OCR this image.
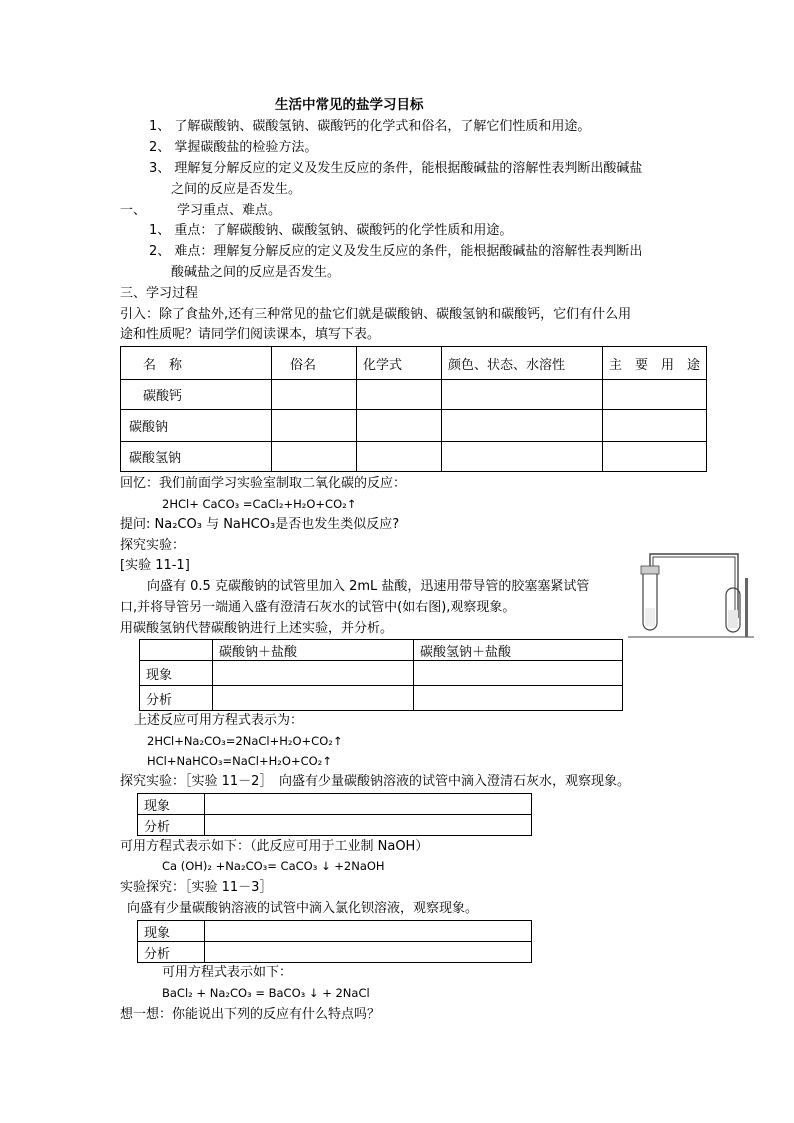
生活中常见的盐学习目标
1、 了解碳酸钠、碳酸氢钠、碳酸钙的化学式和俗名，了解它们性质和用途。
2、 掌握碳酸盐的检验方法。
3、 理解复分解反应的定义及发生反应的条件，能根据酸碱盐的溶解性表判断出酸碱盐
之间的反应是否发生。
一、 学习重点、难点。
1、 重点：了解碳酸钠、碳酸氢钠、碳酸钙的化学性质和用途。
2、 难点：理解复分解反应的定义及发生反应的条件，能根据酸碱盐的溶解性表判断出
酸碱盐之间的反应是否发生。
三、学习过程
引入：除了食盐外,还有三种常见的盐它们就是碳酸钠、碳酸氢钠和碳酸钙，它们有什么用
途和性质呢？请同学们阅读课本，填写下表。
名　称	俗名	化学式	颜色、状态、水溶性	主　要　用　途
碳酸钙				
碳酸钠				
碳酸氢钠				
回忆：我们前面学习实验室制取二氧化碳的反应：
2HCl+ CaCO₃ =CaCl₂+H₂O+CO₂↑
提问: Na₂CO₃ 与 NaHCO₃是否也发生类似反应?
探究实验：
[实验 11-1]
向盛有 0.5 克碳酸钠的试管里加入 2mL 盐酸，迅速用带导管的胶塞塞紧试管
口,并将导管另一端通入盛有澄清石灰水的试管中(如右图),观察现象。
用碳酸氢钠代替碳酸钠进行上述实验，并分析。
	碳酸钠＋盐酸	碳酸氢钠＋盐酸
现象		
分析		
上述反应可用方程式表示为：
2HCl+Na₂CO₃=2NaCl+H₂O+CO₂↑
HCl+NaHCO₃=NaCl+H₂O+CO₂↑
探究实验：［实验 11－2］　向盛有少量碳酸钠溶液的试管中滴入澄清石灰水，观察现象。
现象	
分析	
可用方程式表示如下：（此反应可用于工业制 NaOH）
Ca (OH)₂ +Na₂CO₃= CaCO₃ ↓ +2NaOH
实验探究：［实验 11－3］
向盛有少量碳酸钠溶液的试管中滴入氯化钡溶液，观察现象。
现象	
分析	
可用方程式表示如下：
BaCl₂ + Na₂CO₃ = BaCO₃ ↓ + 2NaCl
想一想：你能说出下列的反应有什么特点吗？
